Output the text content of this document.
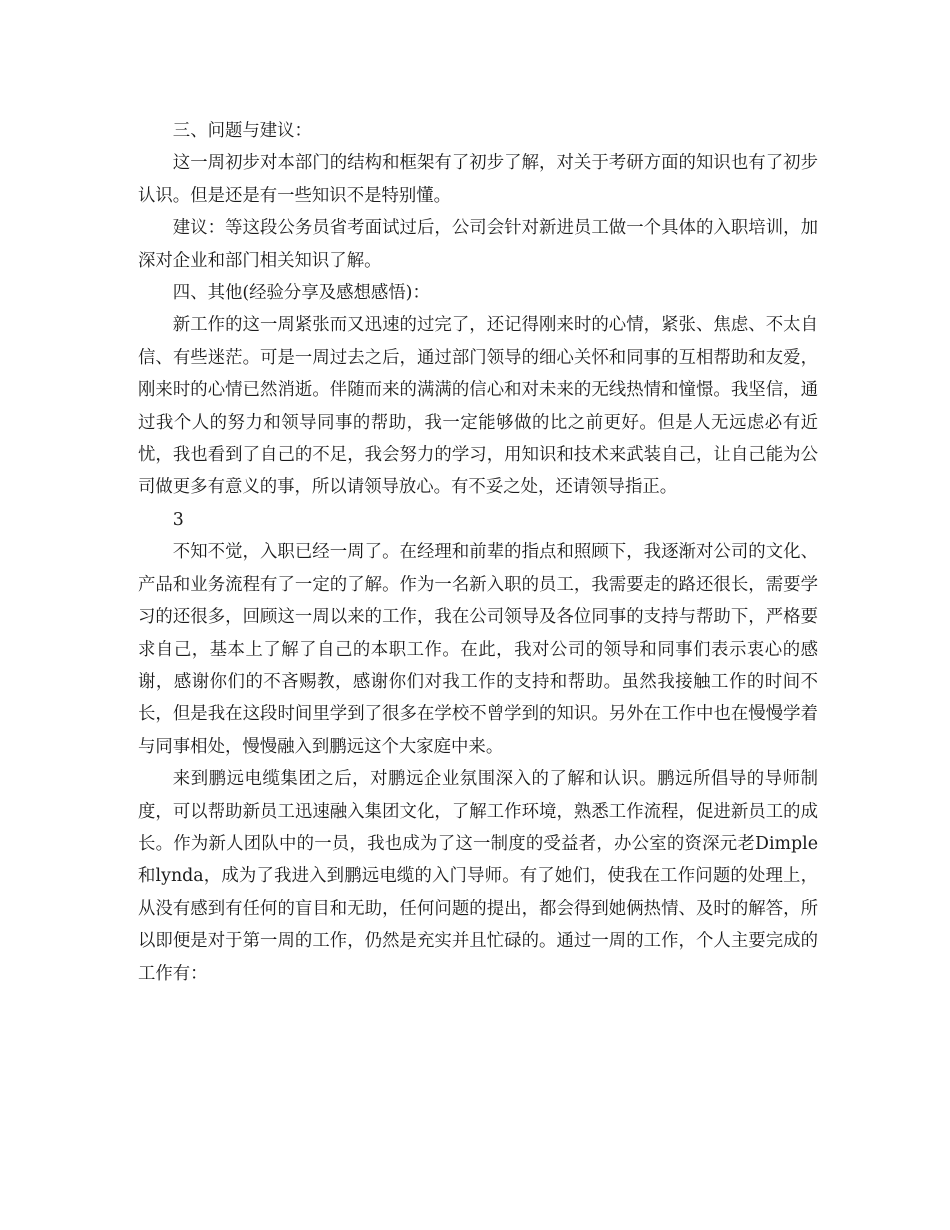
三、问题与建议：

这一周初步对本部门的结构和框架有了初步了解，对关于考研方面的知识也有了初步认识。但是还是有一些知识不是特别懂。

建议：等这段公务员省考面试过后，公司会针对新进员工做一个具体的入职培训，加深对企业和部门相关知识了解。

四、其他(经验分享及感想感悟)：

新工作的这一周紧张而又迅速的过完了，还记得刚来时的心情，紧张、焦虑、不太自信、有些迷茫。可是一周过去之后，通过部门领导的细心关怀和同事的互相帮助和友爱，刚来时的心情已然消逝。伴随而来的满满的信心和对未来的无线热情和憧憬。我坚信，通过我个人的努力和领导同事的帮助，我一定能够做的比之前更好。但是人无远虑必有近忧，我也看到了自己的不足，我会努力的学习，用知识和技术来武装自己，让自己能为公司做更多有意义的事，所以请领导放心。有不妥之处，还请领导指正。

3

不知不觉，入职已经一周了。在经理和前辈的指点和照顾下，我逐渐对公司的文化、产品和业务流程有了一定的了解。作为一名新入职的员工，我需要走的路还很长，需要学习的还很多，回顾这一周以来的工作，我在公司领导及各位同事的支持与帮助下，严格要求自己，基本上了解了自己的本职工作。在此，我对公司的领导和同事们表示衷心的感谢，感谢你们的不吝赐教，感谢你们对我工作的支持和帮助。虽然我接触工作的时间不长，但是我在这段时间里学到了很多在学校不曾学到的知识。另外在工作中也在慢慢学着与同事相处，慢慢融入到鹏远这个大家庭中来。

来到鹏远电缆集团之后，对鹏远企业氛围深入的了解和认识。鹏远所倡导的导师制度，可以帮助新员工迅速融入集团文化，了解工作环境，熟悉工作流程，促进新员工的成长。作为新人团队中的一员，我也成为了这一制度的受益者，办公室的资深元老Dimple和lynda，成为了我进入到鹏远电缆的入门导师。有了她们，使我在工作问题的处理上，从没有感到有任何的盲目和无助，任何问题的提出，都会得到她俩热情、及时的解答，所以即便是对于第一周的工作，仍然是充实并且忙碌的。通过一周的工作，个人主要完成的工作有：
